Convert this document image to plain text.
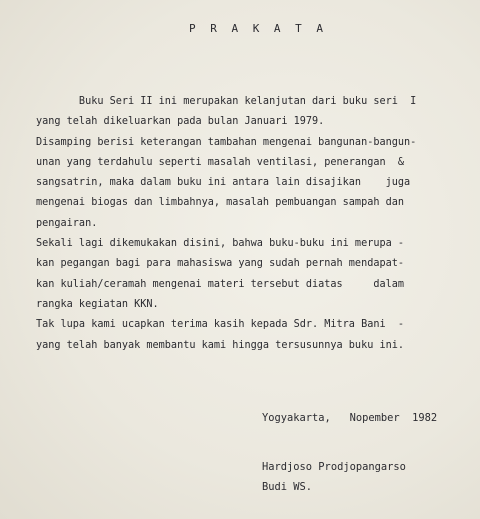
P R A K A T A
Buku Seri II ini merupakan kelanjutan dari buku seri  I
yang telah dikeluarkan pada bulan Januari 1979.
Disamping berisi keterangan tambahan mengenai bangunan-bangun-
unan yang terdahulu seperti masalah ventilasi, penerangan  &
sangsatrin, maka dalam buku ini antara lain disajikan    juga
mengenai biogas dan limbahnya, masalah pembuangan sampah dan
pengairan.
Sekali lagi dikemukakan disini, bahwa buku-buku ini merupa -
kan pegangan bagi para mahasiswa yang sudah pernah mendapat-
kan kuliah/ceramah mengenai materi tersebut diatas     dalam
rangka kegiatan KKN.
Tak lupa kami ucapkan terima kasih kepada Sdr. Mitra Bani  -
yang telah banyak membantu kami hingga tersusunnya buku ini.
Yogyakarta,   Nopember  1982
Hardjoso Prodjopangarso
Budi WS.
